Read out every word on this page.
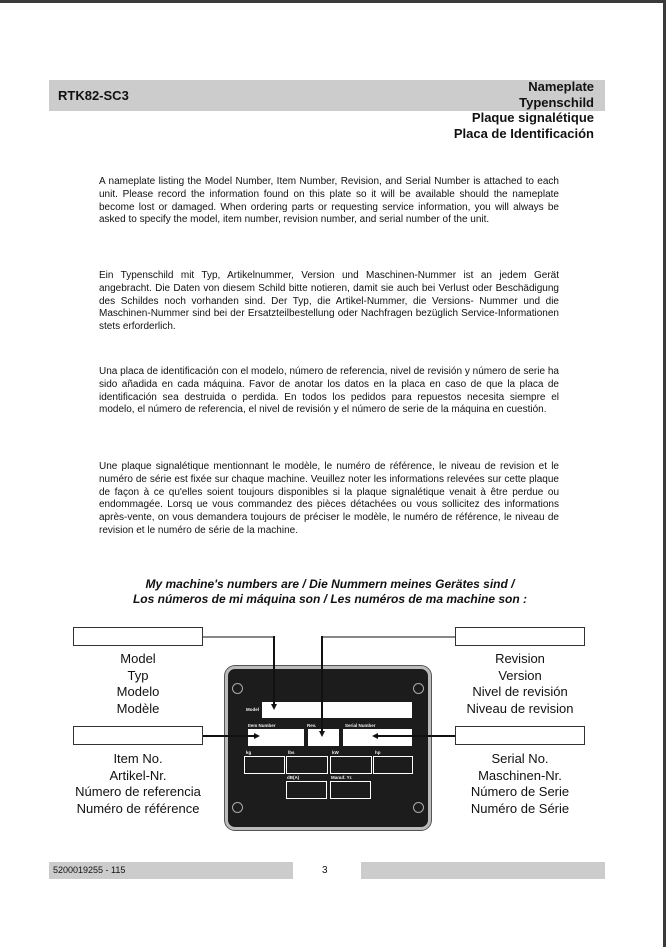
RTK82-SC3
Nameplate
Typenschild
Plaque signalétique
Placa de Identificación
A nameplate listing the Model Number, Item Number, Revision, and Serial Number is attached to each unit. Please record the information found on this plate so it will be available should the nameplate become lost or damaged. When ordering parts or requesting service information, you will always be asked to specify the model, item number, revision number, and serial number of the unit.
Ein Typenschild mit Typ, Artikelnummer, Version und Maschinen-Nummer ist an jedem Gerät angebracht. Die Daten von diesem Schild bitte notieren, damit sie auch bei Verlust oder Beschädigung des Schildes noch vorhanden sind. Der Typ, die Artikel-Nummer, die Versions- Nummer und die Maschinen-Nummer sind bei der Ersatzteilbestellung oder Nachfragen bezüglich Service-Informationen stets erforderlich.
Una placa de identificación con el modelo, número de referencia, nivel de revisión y número de serie ha sido añadida en cada máquina. Favor de anotar los datos en la placa en caso de que la placa de identificación sea destruida o perdida. En todos los pedidos para repuestos necesita siempre el modelo, el número de referencia, el nivel de revisión y el número de serie de la máquina en cuestión.
Une plaque signalétique mentionnant le modèle, le numéro de référence, le niveau de revision et le numéro de série est fixée sur chaque machine. Veuillez noter les informations relevées sur cette plaque de façon à ce qu'elles soient toujours disponibles si la plaque signalétique venait à être perdue ou endommagée. Lorsq ue vous commandez des pièces détachées ou vous sollicitez des informations après-vente, on vous demandera toujours de préciser le modèle, le numéro de référence, le niveau de revision et le numéro de série de la machine.
My machine's numbers are / Die Nummern meines Gerätes sind /
Los números de mi máquina son / Les numéros de ma machine son :
Model
Typ
Modelo
Modèle
Item No.
Artikel-Nr.
Número de referencia
Numéro de référence
Revision
Version
Nivel de revisión
Niveau de revision
Serial No.
Maschinen-Nr.
Número de Serie
Numéro de Série
Model
Item Number	Rev.	Serial Number
kg	lbs	kW	hp
dB(A)	Manuf. Yr.
5200019255 - 115	3
